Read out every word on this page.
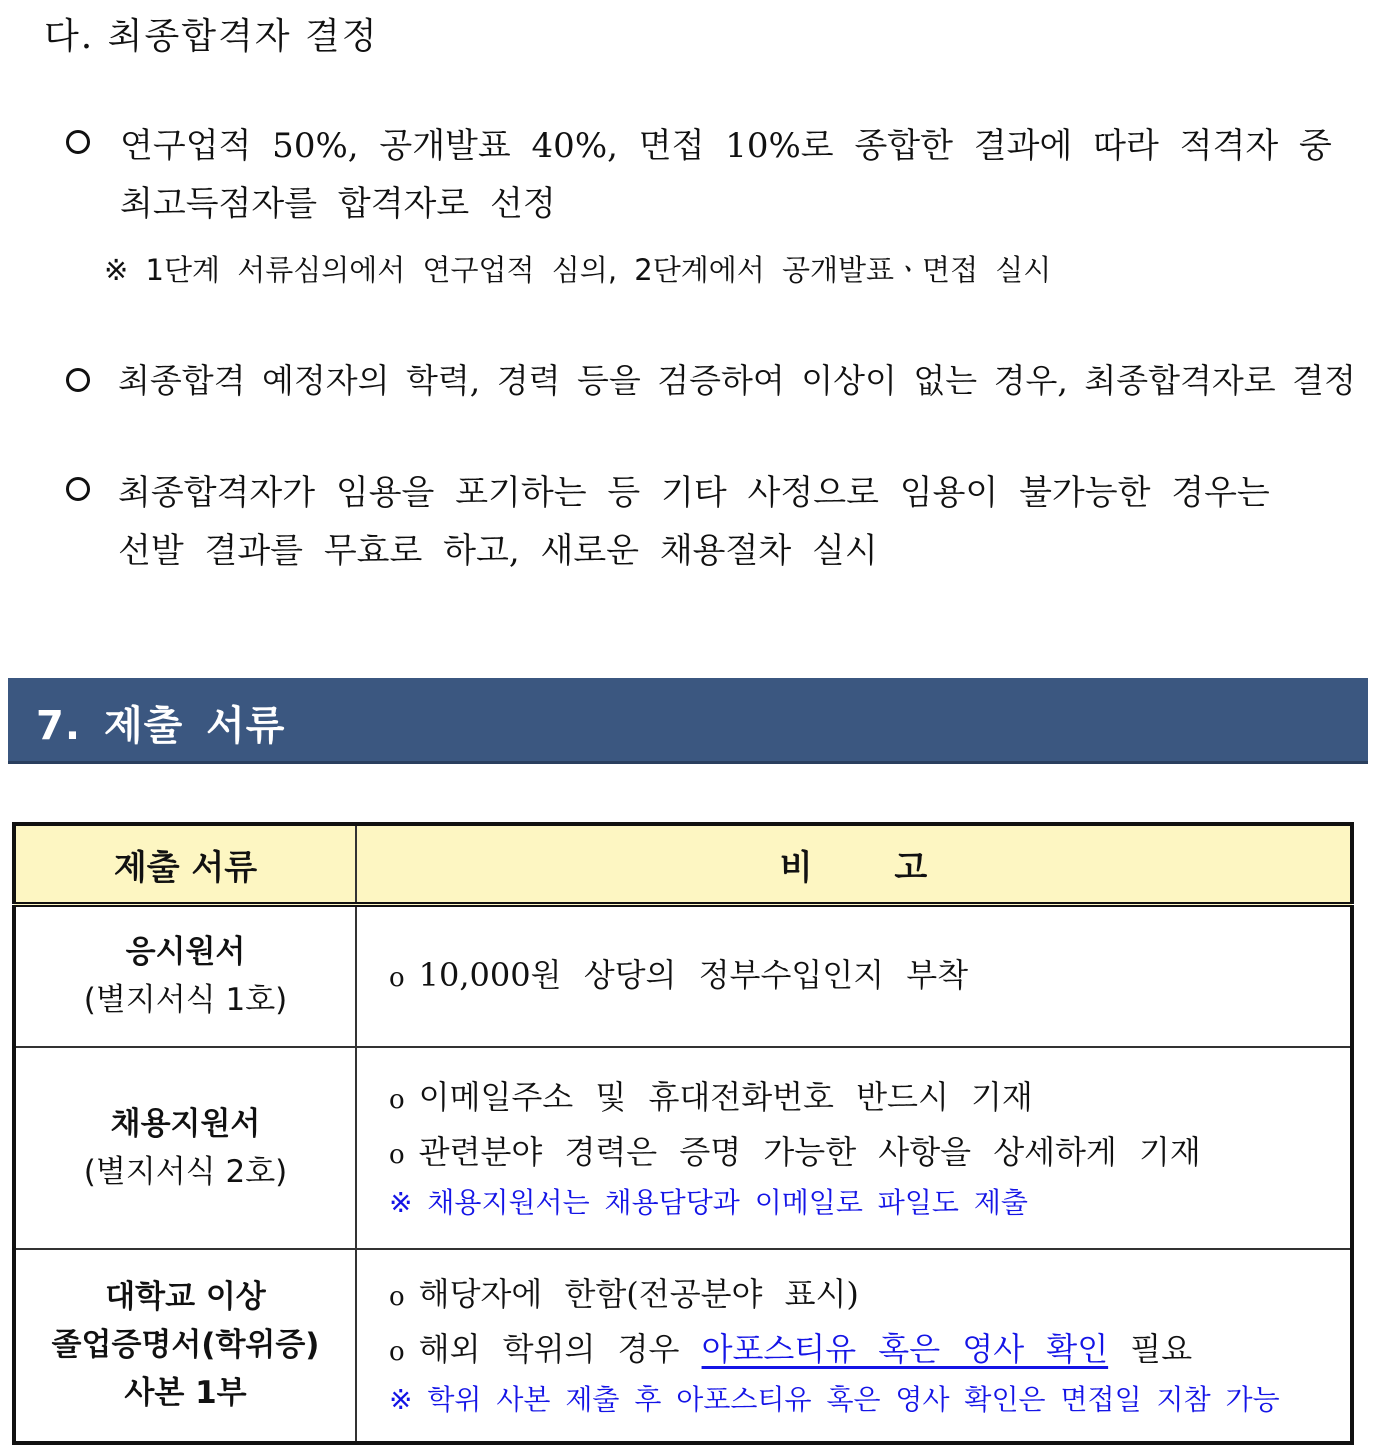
다. 최종합격자 결정
연구업적 50%, 공개발표 40%, 면접 10%로 종합한 결과에 따라 적격자 중
최고득점자를 합격자로 선정
※ 1단계 서류심의에서 연구업적 심의, 2단계에서 공개발표ㆍ면접 실시
최종합격 예정자의 학력, 경력 등을 검증하여 이상이 없는 경우, 최종합격자로 결정
최종합격자가 임용을 포기하는 등 기타 사정으로 임용이 불가능한 경우는
선발 결과를 무효로 하고, 새로운 채용절차 실시
7. 제출 서류
제출 서류	비 고

응시원서
(별지서식 1호)	o 10,000원 상당의 정부수입인지 부착

채용지원서
(별지서식 2호)	o 이메일주소 및 휴대전화번호 반드시 기재
o 관련분야 경력은 증명 가능한 사항을 상세하게 기재
※ 채용지원서는 채용담당과 이메일로 파일도 제출

대학교 이상
졸업증명서(학위증)
사본 1부	o 해당자에 한함(전공분야 표시)
o 해외 학위의 경우 아포스티유 혹은 영사 확인 필요
※ 학위 사본 제출 후 아포스티유 혹은 영사 확인은 면접일 지참 가능
